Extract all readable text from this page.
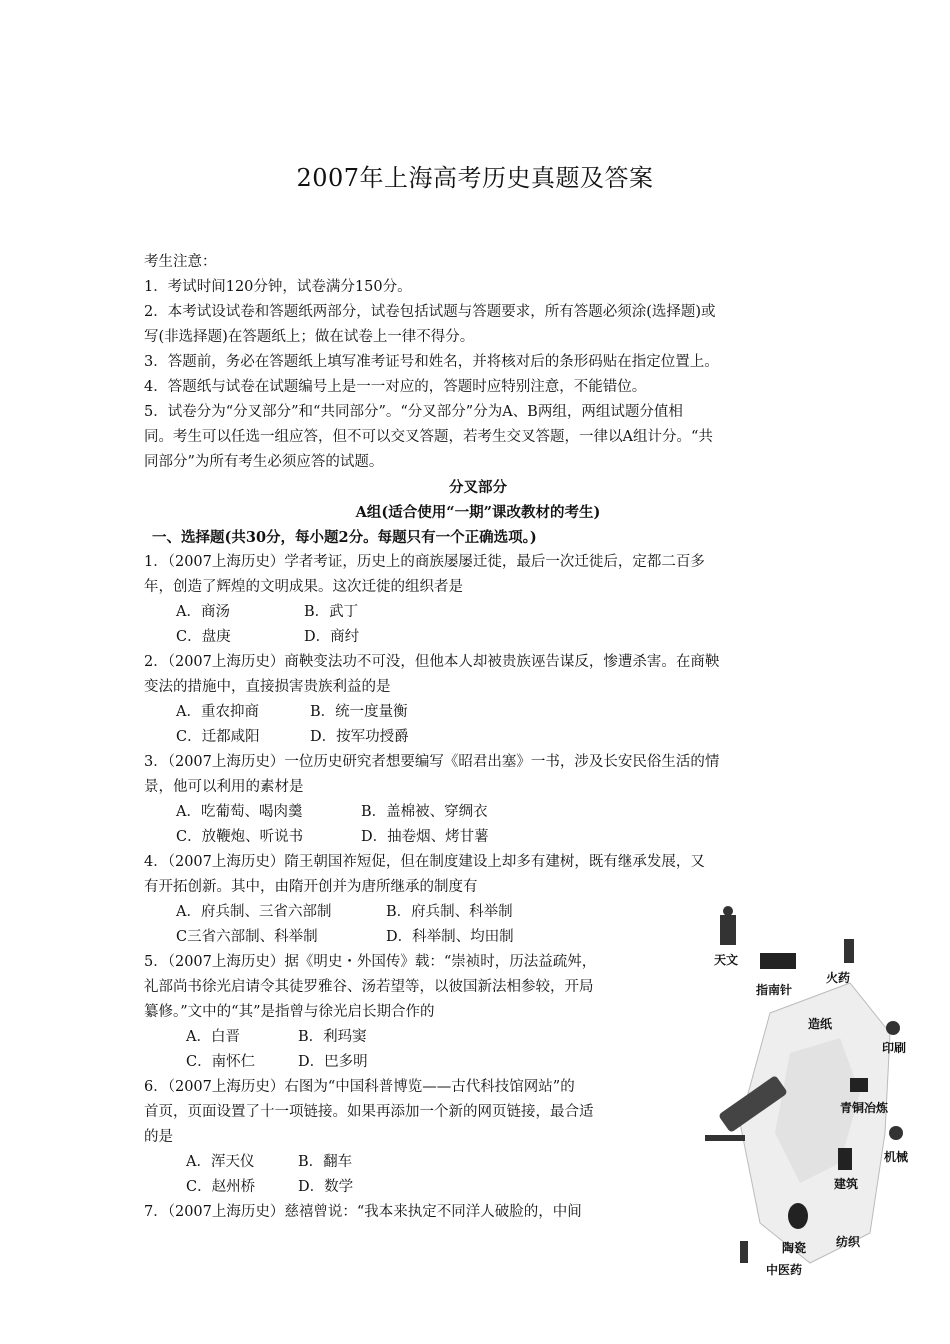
2007年上海高考历史真题及答案
考生注意：
1．考试时间120分钟，试卷满分150分。
2．本考试设试卷和答题纸两部分，试卷包括试题与答题要求，所有答题必须涂(选择题)或
写(非选择题)在答题纸上；做在试卷上一律不得分。
3．答题前，务必在答题纸上填写准考证号和姓名，并将核对后的条形码贴在指定位置上。
4．答题纸与试卷在试题编号上是一一对应的，答题时应特别注意，不能错位。
5．试卷分为“分叉部分”和“共同部分”。“分叉部分”分为A、B两组，两组试题分值相
同。考生可以任选一组应答，但不可以交叉答题，若考生交叉答题，一律以A组计分。“共
同部分”为所有考生必须应答的试题。
分叉部分
A组(适合使用“一期”课改教材的考生)
一、选择题(共30分，每小题2分。每题只有一个正确选项。)
1．（2007上海历史）学者考证，历史上的商族屡屡迁徙，最后一次迁徙后，定都二百多
年，创造了辉煌的文明成果。这次迁徙的组织者是
A．商汤	B．武丁
C．盘庚	D．商纣
2．（2007上海历史）商鞅变法功不可没，但他本人却被贵族诬告谋反，惨遭杀害。在商鞅
变法的措施中，直接损害贵族利益的是
A．重农抑商	B．统一度量衡
C．迁都咸阳	D．按军功授爵
3．（2007上海历史）一位历史研究者想要编写《昭君出塞》一书，涉及长安民俗生活的情
景，他可以利用的素材是
A．吃葡萄、喝肉羹	B．盖棉被、穿绸衣
C．放鞭炮、听说书	D．抽卷烟、烤甘薯
4．（2007上海历史）隋王朝国祚短促，但在制度建设上却多有建树，既有继承发展，又
有开拓创新。其中，由隋开创并为唐所继承的制度有
A．府兵制、三省六部制	B．府兵制、科举制
C三省六部制、科举制	D．科举制、均田制
5．（2007上海历史）据《明史・外国传》载：“崇祯时，历法益疏舛，
礼部尚书徐光启请令其徒罗雅谷、汤若望等，以彼国新法相参较，开局
纂修。”文中的“其”是指曾与徐光启长期合作的
A．白晋	B．利玛窦
C．南怀仁	D．巴多明
6．（2007上海历史）右图为“中国科普博览——古代科技馆网站”的
首页，页面设置了十一项链接。如果再添加一个新的网页链接，最合适
的是
A．浑天仪	B．翻车
C．赵州桥	D．数学
7．（2007上海历史）慈禧曾说：“我本来执定不同洋人破脸的，中间
天文
指南针
火药
造纸
印刷
青铜冶炼
机械
建筑
纺织
陶瓷
中医药
